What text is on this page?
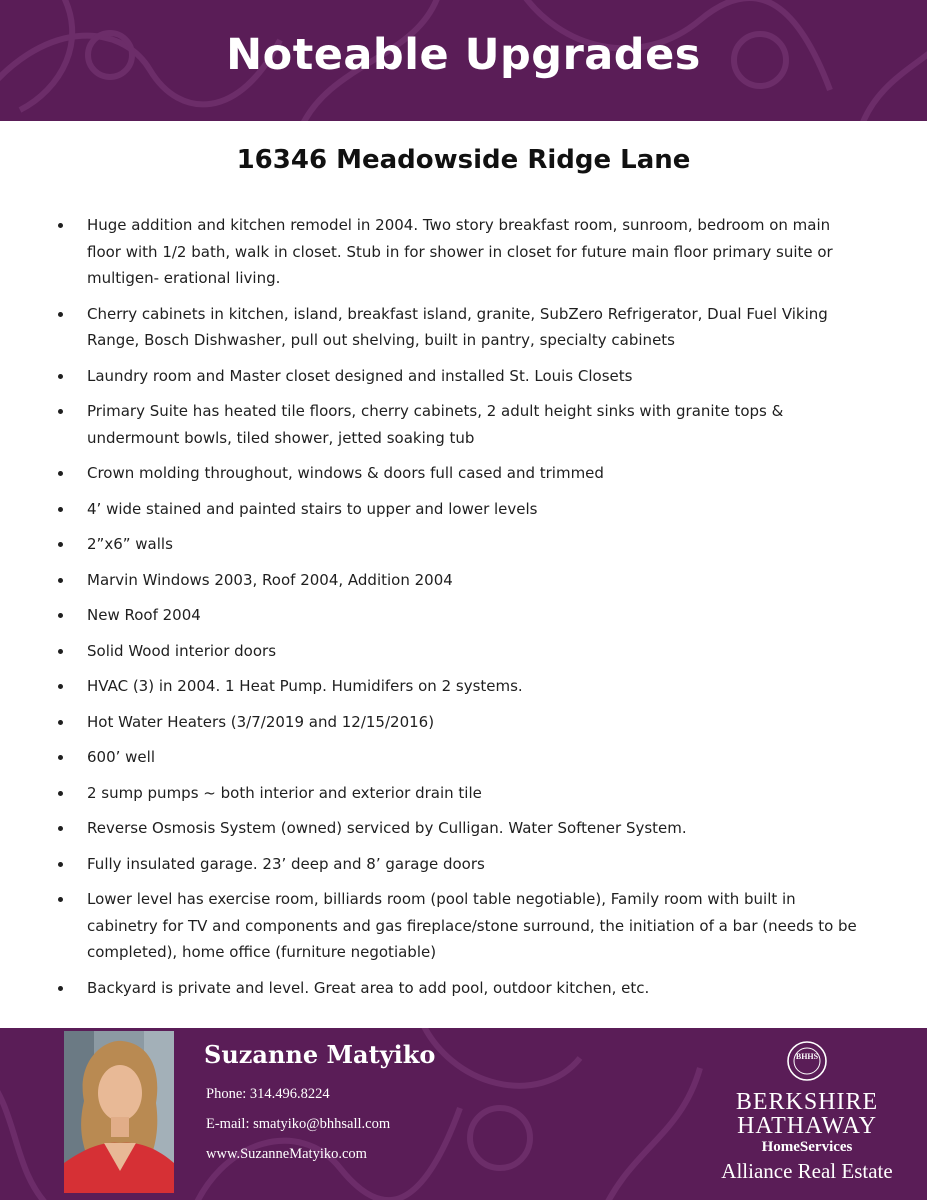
Noteable Upgrades
16346 Meadowside Ridge Lane
Huge addition and kitchen remodel in 2004. Two story breakfast room, sunroom, bedroom on main floor with 1/2 bath, walk in closet. Stub in for shower in closet for future main floor primary suite or multigen- erational living.
Cherry cabinets in kitchen, island, breakfast island, granite, SubZero Refrigerator, Dual Fuel Viking Range, Bosch Dishwasher, pull out shelving, built in pantry, specialty cabinets
Laundry room and Master closet designed and installed St. Louis Closets
Primary Suite has heated tile floors, cherry cabinets, 2 adult height sinks with granite tops & undermount bowls, tiled shower, jetted soaking tub
Crown molding throughout, windows & doors full cased and trimmed
4’ wide stained and painted stairs to upper and lower levels
2”x6” walls
Marvin Windows 2003, Roof 2004, Addition 2004
New Roof 2004
Solid Wood interior doors
HVAC (3) in 2004. 1 Heat Pump. Humidifers on 2 systems.
Hot Water Heaters (3/7/2019 and 12/15/2016)
600’ well
2 sump pumps ~ both interior and exterior drain tile
Reverse Osmosis System (owned) serviced by Culligan. Water Softener System.
Fully insulated garage. 23’ deep and 8’ garage doors
Lower level has exercise room, billiards room (pool table negotiable), Family room with built in cabinetry for TV and components and gas fireplace/stone surround, the initiation of a bar (needs to be completed), home office (furniture negotiable)
Backyard is private and level. Great area to add pool, outdoor kitchen, etc.
Suzanne Matyiko
Phone: 314.496.8224
E-mail: smatyiko@bhhsall.com
www.SuzanneMatyiko.com
BHHS
BERKSHIRE
HATHAWAY
HomeServices
Alliance Real Estate
